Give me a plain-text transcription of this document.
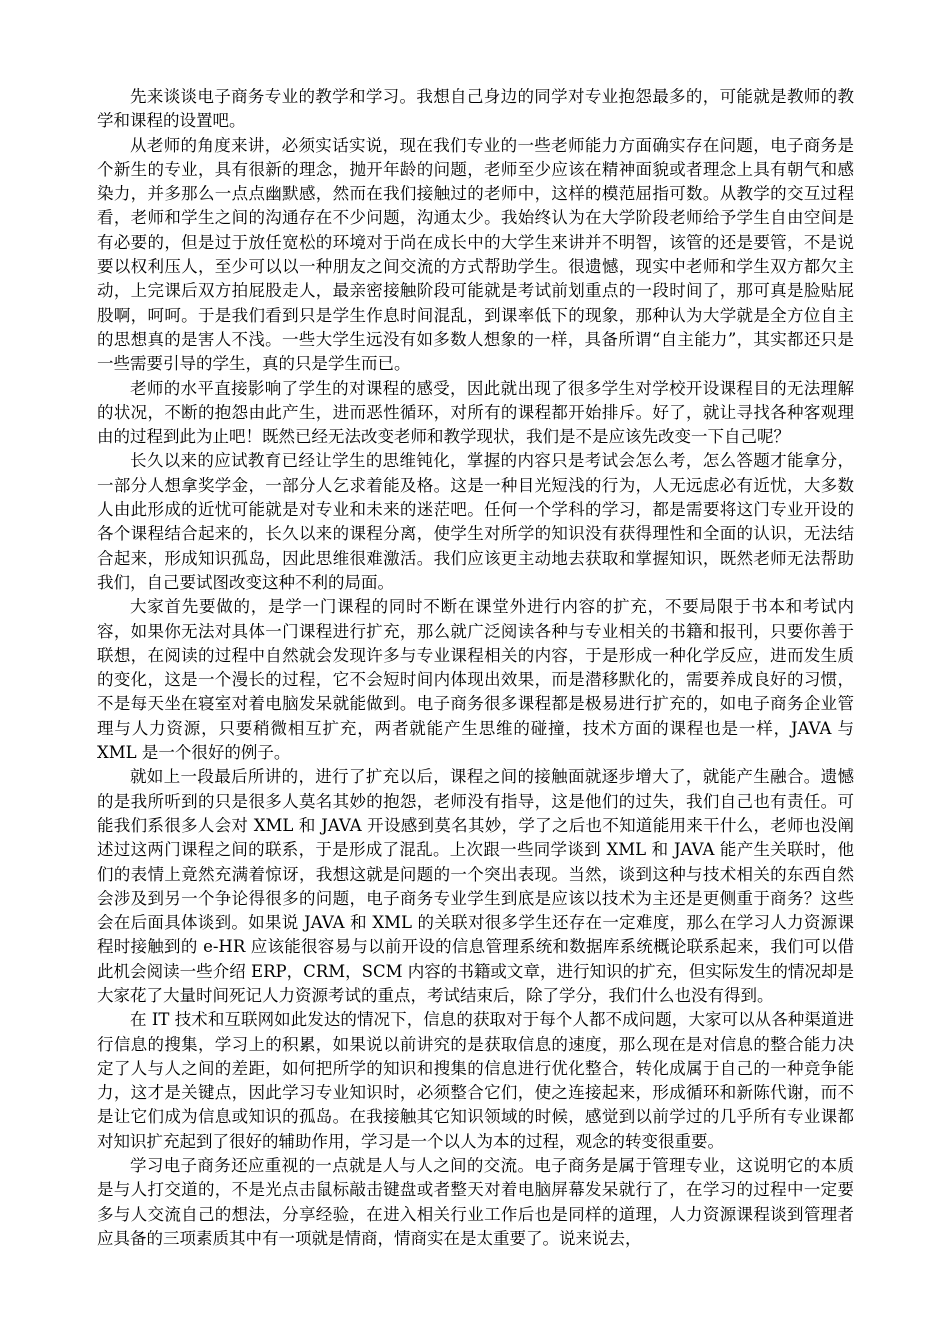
先来谈谈电子商务专业的教学和学习。我想自己身边的同学对专业抱怨最多的，可能就是教师的教学和课程的设置吧。

从老师的角度来讲，必须实话实说，现在我们专业的一些老师能力方面确实存在问题，电子商务是个新生的专业，具有很新的理念，抛开年龄的问题，老师至少应该在精神面貌或者理念上具有朝气和感染力，并多那么一点点幽默感，然而在我们接触过的老师中，这样的模范屈指可数。从教学的交互过程看，老师和学生之间的沟通存在不少问题，沟通太少。我始终认为在大学阶段老师给予学生自由空间是有必要的，但是过于放任宽松的环境对于尚在成长中的大学生来讲并不明智，该管的还是要管，不是说要以权利压人，至少可以以一种朋友之间交流的方式帮助学生。很遗憾，现实中老师和学生双方都欠主动，上完课后双方拍屁股走人，最亲密接触阶段可能就是考试前划重点的一段时间了，那可真是脸贴屁股啊，呵呵。于是我们看到只是学生作息时间混乱，到课率低下的现象，那种认为大学就是全方位自主的思想真的是害人不浅。一些大学生远没有如多数人想象的一样，具备所谓“自主能力”，其实都还只是一些需要引导的学生，真的只是学生而已。

老师的水平直接影响了学生的对课程的感受，因此就出现了很多学生对学校开设课程目的无法理解的状况，不断的抱怨由此产生，进而恶性循环，对所有的课程都开始排斥。好了，就让寻找各种客观理由的过程到此为止吧！既然已经无法改变老师和教学现状，我们是不是应该先改变一下自己呢？

长久以来的应试教育已经让学生的思维钝化，掌握的内容只是考试会怎么考，怎么答题才能拿分，一部分人想拿奖学金，一部分人乞求着能及格。这是一种目光短浅的行为，人无远虑必有近忧，大多数人由此形成的近忧可能就是对专业和未来的迷茫吧。任何一个学科的学习，都是需要将这门专业开设的各个课程结合起来的，长久以来的课程分离，使学生对所学的知识没有获得理性和全面的认识，无法结合起来，形成知识孤岛，因此思维很难激活。我们应该更主动地去获取和掌握知识，既然老师无法帮助我们，自己要试图改变这种不利的局面。

大家首先要做的，是学一门课程的同时不断在课堂外进行内容的扩充，不要局限于书本和考试内容，如果你无法对具体一门课程进行扩充，那么就广泛阅读各种与专业相关的书籍和报刊，只要你善于联想，在阅读的过程中自然就会发现许多与专业课程相关的内容，于是形成一种化学反应，进而发生质的变化，这是一个漫长的过程，它不会短时间内体现出效果，而是潜移默化的，需要养成良好的习惯，不是每天坐在寝室对着电脑发呆就能做到。电子商务很多课程都是极易进行扩充的，如电子商务企业管理与人力资源，只要稍微相互扩充，两者就能产生思维的碰撞，技术方面的课程也是一样，JAVA 与 XML 是一个很好的例子。

就如上一段最后所讲的，进行了扩充以后，课程之间的接触面就逐步增大了，就能产生融合。遗憾的是我所听到的只是很多人莫名其妙的抱怨，老师没有指导，这是他们的过失，我们自己也有责任。可能我们系很多人会对 XML 和 JAVA 开设感到莫名其妙，学了之后也不知道能用来干什么，老师也没阐述过这两门课程之间的联系，于是形成了混乱。上次跟一些同学谈到 XML 和 JAVA 能产生关联时，他们的表情上竟然充满着惊讶，我想这就是问题的一个突出表现。当然，谈到这种与技术相关的东西自然会涉及到另一个争论得很多的问题，电子商务专业学生到底是应该以技术为主还是更侧重于商务？这些会在后面具体谈到。如果说 JAVA 和 XML 的关联对很多学生还存在一定难度，那么在学习人力资源课程时接触到的 e-HR 应该能很容易与以前开设的信息管理系统和数据库系统概论联系起来，我们可以借此机会阅读一些介绍 ERP，CRM，SCM 内容的书籍或文章，进行知识的扩充，但实际发生的情况却是大家花了大量时间死记人力资源考试的重点，考试结束后，除了学分，我们什么也没有得到。

在 IT 技术和互联网如此发达的情况下，信息的获取对于每个人都不成问题，大家可以从各种渠道进行信息的搜集，学习上的积累，如果说以前讲究的是获取信息的速度，那么现在是对信息的整合能力决定了人与人之间的差距，如何把所学的知识和搜集的信息进行优化整合，转化成属于自己的一种竞争能力，这才是关键点，因此学习专业知识时，必须整合它们，使之连接起来，形成循环和新陈代谢，而不是让它们成为信息或知识的孤岛。在我接触其它知识领域的时候，感觉到以前学过的几乎所有专业课都对知识扩充起到了很好的辅助作用，学习是一个以人为本的过程，观念的转变很重要。

学习电子商务还应重视的一点就是人与人之间的交流。电子商务是属于管理专业，这说明它的本质是与人打交道的，不是光点击鼠标敲击键盘或者整天对着电脑屏幕发呆就行了，在学习的过程中一定要多与人交流自己的想法，分享经验，在进入相关行业工作后也是同样的道理，人力资源课程谈到管理者应具备的三项素质其中有一项就是情商，情商实在是太重要了。说来说去，
